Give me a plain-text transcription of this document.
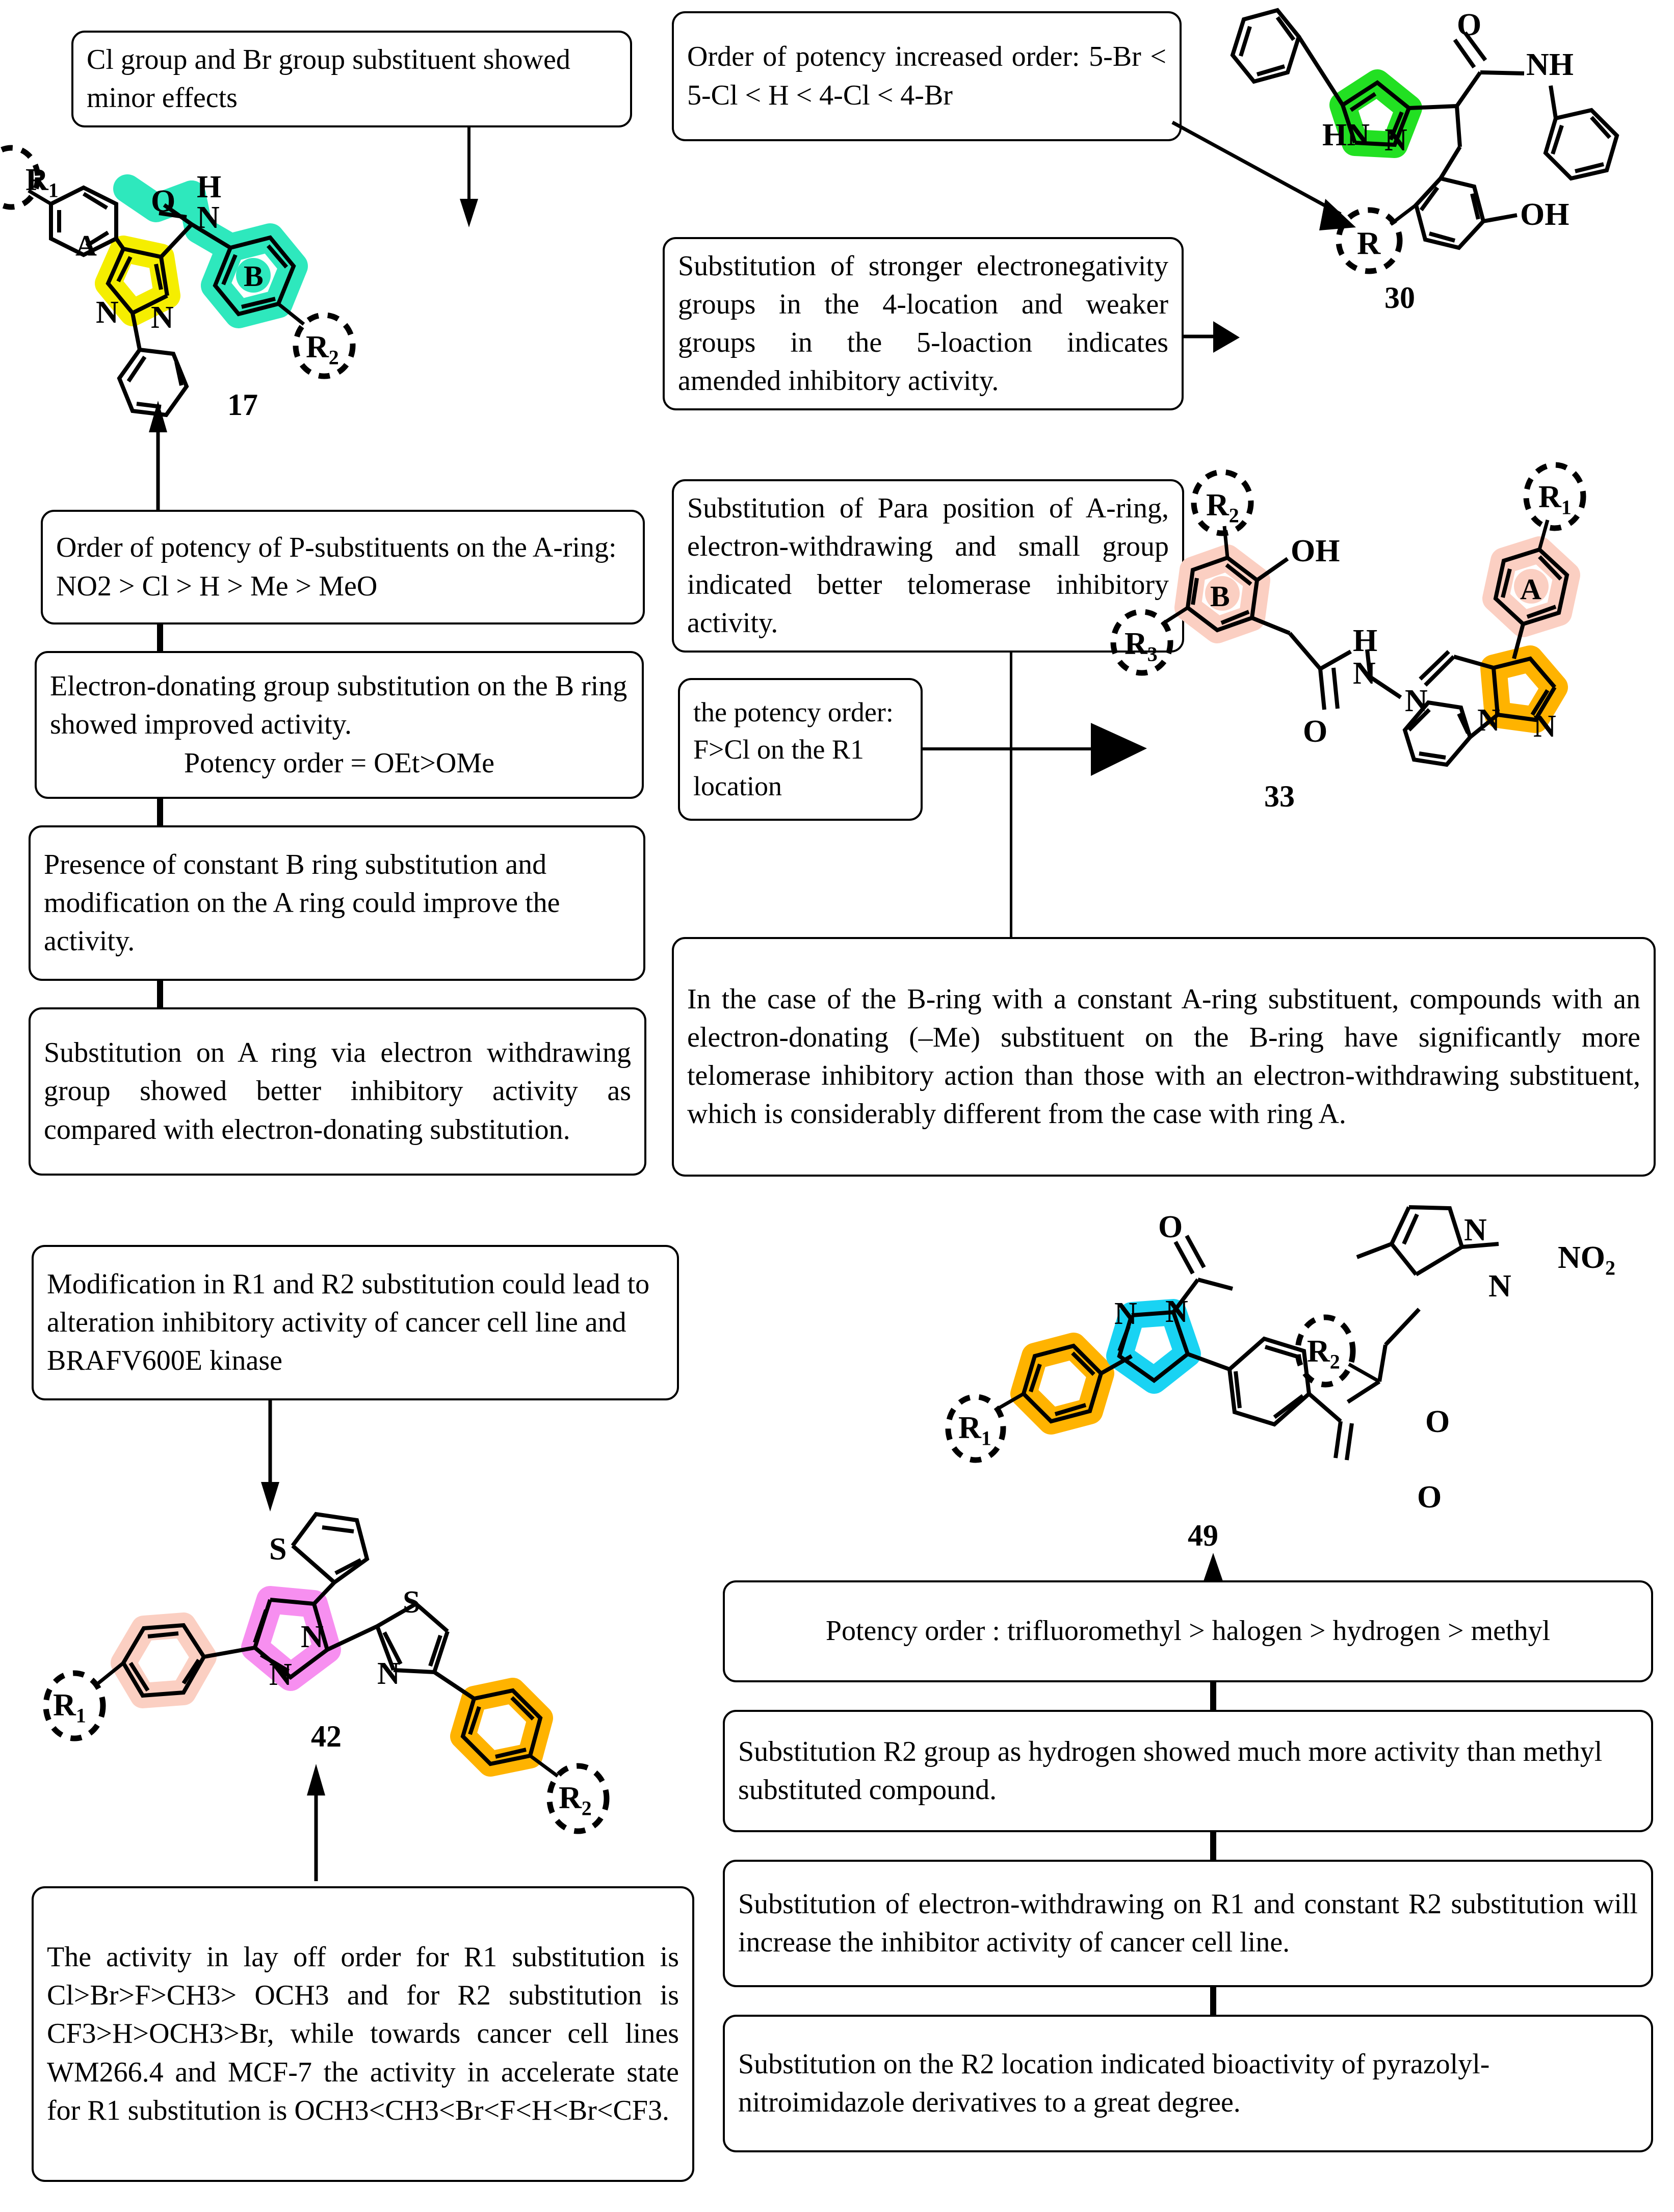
Cl group and Br group substituent showed minor effects
A
B
O H
N
N N
$R_1$
$R_2$
17
Order of potency of P-substituents on the A-ring: NO2 > Cl > H > Me > MeO
Electron-donating group substitution on the B ring showed improved activity.

Potency order = OEt>OMe
Presence of constant B ring substitution and modification on the A ring could improve the activity.
Substitution on A ring via electron withdrawing group showed better inhibitory activity as compared with electron-donating substitution.
Order of potency increased order: 5-Br < 5-Cl < H < 4-Cl < 4-Br
Substitution of stronger electronegativity groups in the 4-location and weaker groups in the 5-loaction indicates amended inhibitory activity.
O
NH
HN N
OH
R
30
Substitution of Para position of A-ring, electron-withdrawing and small group indicated better telomerase inhibitory activity.
the potency order: F>Cl on the R1 location
A
B
OH
H
N
N
O	N N
$R_1$
$R_2$
$R_3$
33
In the case of the B-ring with a constant A-ring substituent, compounds with an electron-donating (–Me) substituent on the B-ring have significantly more telomerase inhibitory action than those with an electron-withdrawing substituent, which is considerably different from the case with ring A.
Modification in R1 and R2 substitution could lead to alteration inhibitory activity of cancer cell line and BRAFV600E kinase
S
S
N
N	N
$R_1$
$R_2$
42
The activity in lay off order for R1 substitution is Cl>Br>F>CH3> OCH3 and for R2 substitution is CF3>H>OCH3>Br, while towards cancer cell lines WM266.4 and MCF-7 the activity in accelerate state for R1 substitution is OCH3<CH3<Br<F<H<Br<CF3.
O
N N
N
N
$NO_2$
O
O
$R_1$
$R_2$
49
Potency order : trifluoromethyl > halogen > hydrogen > methyl
Substitution R2 group as hydrogen showed much more activity than methyl substituted compound.
Substitution of electron-withdrawing on R1 and constant R2 substitution will increase the inhibitor activity of cancer cell line.
Substitution on the R2 location indicated bioactivity of pyrazolyl-nitroimidazole derivatives to a great degree.
